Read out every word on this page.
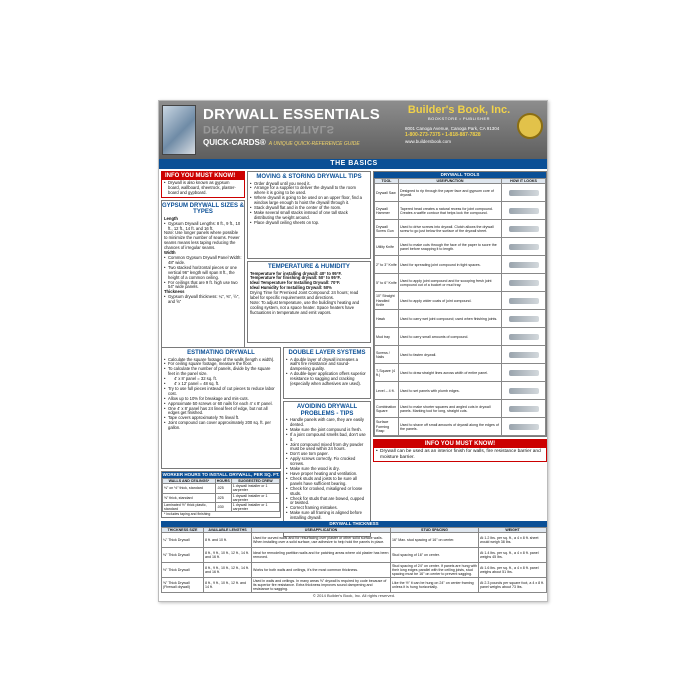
DRYWALL ESSENTIALS
DRYWALL ESSENTIALS
QUICK-CARDS® A UNIQUE QUICK-REFERENCE GUIDE
Builder's Book, Inc.
BOOKSTORE • PUBLISHER
8001 Canoga Avenue, Canoga Park, CA 91304
1-800-273-7375 • 1-818-887-7828
www.buildersbook.com
THE BASICS
INFO YOU MUST KNOW!
• Drywall is also known as gypsum board, wallboard, sheetrock, plaster-board and gypboard.
GYPSUM DRYWALL SIZES & TYPES
Length
• Gypsum Drywall Lengths: 8 ft., 9 ft., 10 ft., 12 ft., 14 ft. and 16 ft.
Note: Use longer panels where possible to minimize the number of seams. Fewer seams means less taping reducing the chances of irregular seams.
Width
• Common Gypsum Drywall Panel Width: 48" wide.
• Two stacked horizontal pieces or one vertical 96" length will span 8 ft., the height of a common ceiling.
• For ceilings that are 9 ft. high use two 54" wide panels.
Thickness
• Gypsum drywall thickness: ¼", ⅜", ½", and ⅝"
MOVING & STORING DRYWALL TIPS
• Order drywall until you need it.
• Arrange for a supplier to deliver the drywall to the room where it is going to be used.
• Where drywall is going to be used on an upper floor, find a window large enough to hoist the drywall through it.
• Stack drywall flat and in the center of the room.
• Make several small stacks instead of one tall stack distributing the weight around.
• Place drywall ceiling sheets on top.
TEMPERATURE & HUMIDITY
Temperature for installing drywall: 40° to 95°F.
Temperature for finishing drywall: 50° to 95°F.
Ideal Temperature for Installing Drywall: 70°F.
Ideal Humidity for Installing Drywall: 50%
Drying Time for Premixed Joint Compound: 24 hours; read label for specific requirements and directions.
Note: To adjust temperature, use the building's heating and cooling system, not a space heater. Space heaters have fluctuations in temperature and emit vapors.
ESTIMATING DRYWALL
• Calculate the square footage of the walls (length x width).
• For ceiling square footage, measure the floor.
• To calculate the number of panels, divide by the square feet in the panel size.
• 4' x 8' panel = 32 sq. ft.
• 4' x 12' panel = 48 sq. ft.
• Try to use full pieces instead of cut pieces to reduce labor cost.
• Allow up to 10% for breakage and mis-cuts.
• Approximate 50 screws or 60 nails for each 4' x 8' panel.
• One 4' x 8' panel has 24 lineal feet of edge, but not all edges get finished.
• Tape covers approximately 76 lineal ft.
• Joint compound can cover approximately 200 sq. ft. per gallon.
WORKER HOURS TO INSTALL DRYWALL, PER SQ. FT.
WALLS AND CEILINGS*	HOURS	SUGGESTED CREW
⅜" on ½" thick, standard	.025	1 drywall installer or 1 carpenter
⅝" thick, standard	.025	1 drywall installer or 1 carpenter
Laminated ½" thick plastic, standard	.030	1 drywall installer or 1 carpenter
* includes taping and finishing
DOUBLE LAYER SYSTEMS
• A double layer of drywall increases a wall's fire resistance and sound-dampening quality.
• A double-layer application offers superior resistance to sagging and cracking (especially when adhesives are used).
AVOIDING DRYWALL PROBLEMS - TIPS
• Handle panels with care, they are easily dented.
• Make sure the joint compound is fresh.
• If a joint compound smells bad, don't use it.
• Joint compound mixed from dry powder must be used within 24 hours.
• Don't use torn paper.
• Apply screws correctly. Fix crooked screws.
• Make sure the wood is dry.
• Have proper heating and ventilation.
• Check studs and joists to be sure all panels have sufficient bearing.
• Check for crooked, misaligned or loose studs.
• Check for studs that are bowed, cupped or twisted.
• Correct framing mistakes.
• Make sure all framing is aligned before installing drywall.
DRYWALL TOOLS
TOOL	USE/FUNCTION	HOW IT LOOKS
Drywall Saw	Designed to rip through the paper face and gypsum core of drywall.	

Drywall Hammer	Tapered head creates a natural recess for joint compound. Creates a waffle contour that helps lock the compound.	

Drywall Screw Gun	Used to drive screws into drywall. Clutch allows the drywall screw to go just below the surface of the drywall sheet.	

Utility Knife	Used to make cuts through the face of the paper to score the panel before snapping it to length.	

2" to 3" Knife	Used for spreading joint compound in tight spaces.	

5" to 6" Knife	Used to apply joint compound and for scooping fresh joint compound out of a bucket or mud tray.	

10" Straight Handled Knife	Used to apply wider coats of joint compound.	

Hawk	Used to carry wet joint compound; used when finishing joints.	

Mud tray	Used to carry small amounts of compound.	

Screws / Nails	Used to fasten drywall.	

T-Square (4 ft.)	Used to draw straight lines across width of entire panel.	

Level – 4 ft.	Used to set panels with plumb edges.	

Combination Square	Used to make shorter squares and angled cuts in drywall panels. Marking tool for long, straight cuts.	

Surface Forming Rasp	Used to shave off small amounts of drywall along the edges of the panels.	
INFO YOU MUST KNOW!
• Drywall can be used as an interior finish for walls, fire resistance barrier and moisture barrier.
DRYWALL THICKNESS
THICKNESS SIZE	AVAILABLE LENGTHS	USE/APPLICATION	STUD SPACING	WEIGHT
¼" Thick Drywall	8 ft. and 10 ft.	Used for curved walls and for resurfacing over plaster or other solid surface walls. When installing over a solid surface, use adhesive to help hold the panels in place.	16" Max. stud spacing of 16" on center.	At 1.2 lbs. per sq. ft., a 4 x 8 ft. sheet would weigh 38 lbs.
⅜" Thick Drywall	8 ft., 9 ft., 10 ft., 12 ft., 14 ft. and 16 ft.	Ideal for remodeling partition walls and for patching areas where old plaster has been removed.	Stud spacing of 16" on center.	At 1.4 lbs. per sq. ft., a 4 x 8 ft. panel weighs 45 lbs.
½" Thick Drywall	8 ft., 9 ft., 10 ft., 12 ft., 14 ft. and 16 ft.	Works for both walls and ceilings, it's the most common thickness.	Stud spacing of 24" on center. If panels are hung with their long edges parallel with the ceiling joists, stud spacing must be 16" on center to prevent sagging.	At 1.6 lbs. per sq. ft., a 4 x 8 ft. panel weighs about 51 lbs.
⅝" Thick Drywall (Firewall drywall)	8 ft., 9 ft., 10 ft., 12 ft. and 14 ft.	Used in walls and ceilings. In many areas ⅝" drywall is required by code because of its superior fire resistance. Extra thickness improves sound dampening and resistance to sagging.	Like the ½" it can be hung on 24" on center framing unless it is hung horizontally.	At 2.3 pounds per square foot, a 4 x 8 ft. panel weighs about 73 lbs.
© 2014 Builder's Book, Inc. All rights reserved.
